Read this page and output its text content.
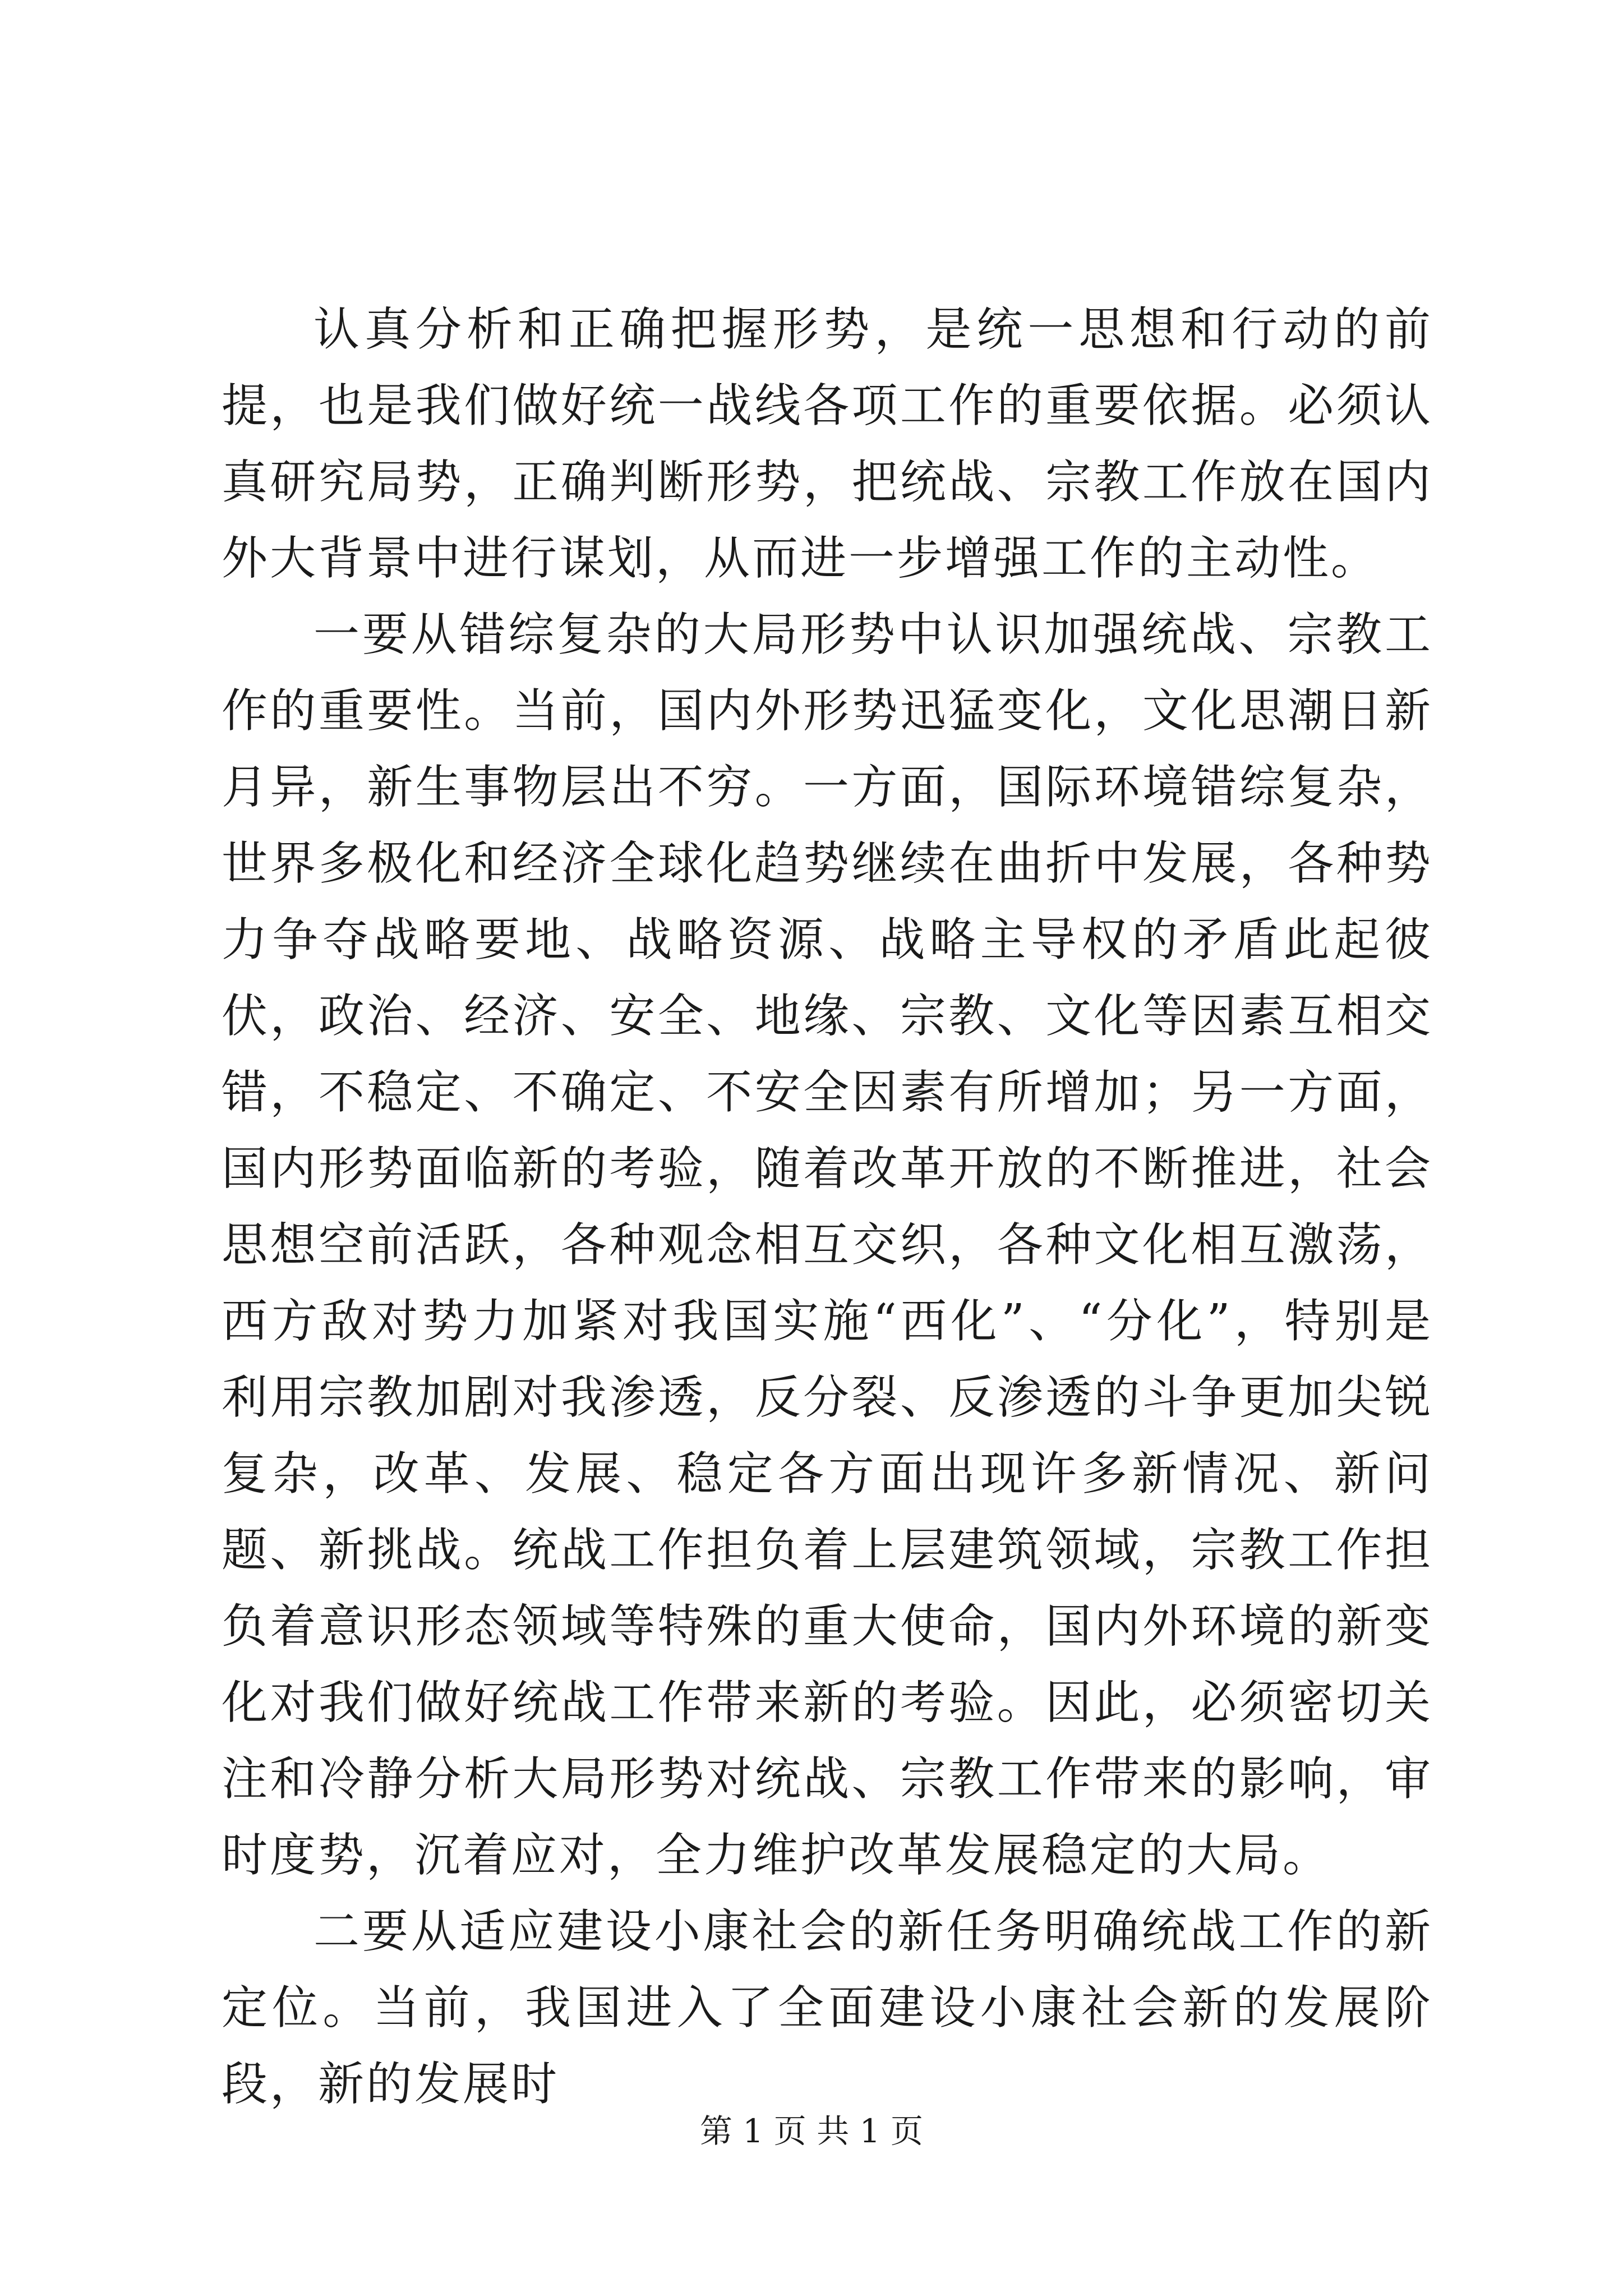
认真分析和正确把握形势，是统一思想和行动的前提，也是我们做好统一战线各项工作的重要依据。必须认真研究局势，正确判断形势，把统战、宗教工作放在国内外大背景中进行谋划，从而进一步增强工作的主动性。

一要从错综复杂的大局形势中认识加强统战、宗教工作的重要性。当前，国内外形势迅猛变化，文化思潮日新月异，新生事物层出不穷。一方面，国际环境错综复杂，世界多极化和经济全球化趋势继续在曲折中发展，各种势力争夺战略要地、战略资源、战略主导权的矛盾此起彼伏，政治、经济、安全、地缘、宗教、文化等因素互相交错，不稳定、不确定、不安全因素有所增加；另一方面，国内形势面临新的考验，随着改革开放的不断推进，社会思想空前活跃，各种观念相互交织，各种文化相互激荡，西方敌对势力加紧对我国实施“西化”、“分化”，特别是利用宗教加剧对我渗透，反分裂、反渗透的斗争更加尖锐复杂，改革、发展、稳定各方面出现许多新情况、新问题、新挑战。统战工作担负着上层建筑领域，宗教工作担负着意识形态领域等特殊的重大使命，国内外环境的新变化对我们做好统战工作带来新的考验。因此，必须密切关注和冷静分析大局形势对统战、宗教工作带来的影响，审时度势，沉着应对，全力维护改革发展稳定的大局。

二要从适应建设小康社会的新任务明确统战工作的新定位。当前，我国进入了全面建设小康社会新的发展阶段，新的发展时

第 1 页 共 1 页
